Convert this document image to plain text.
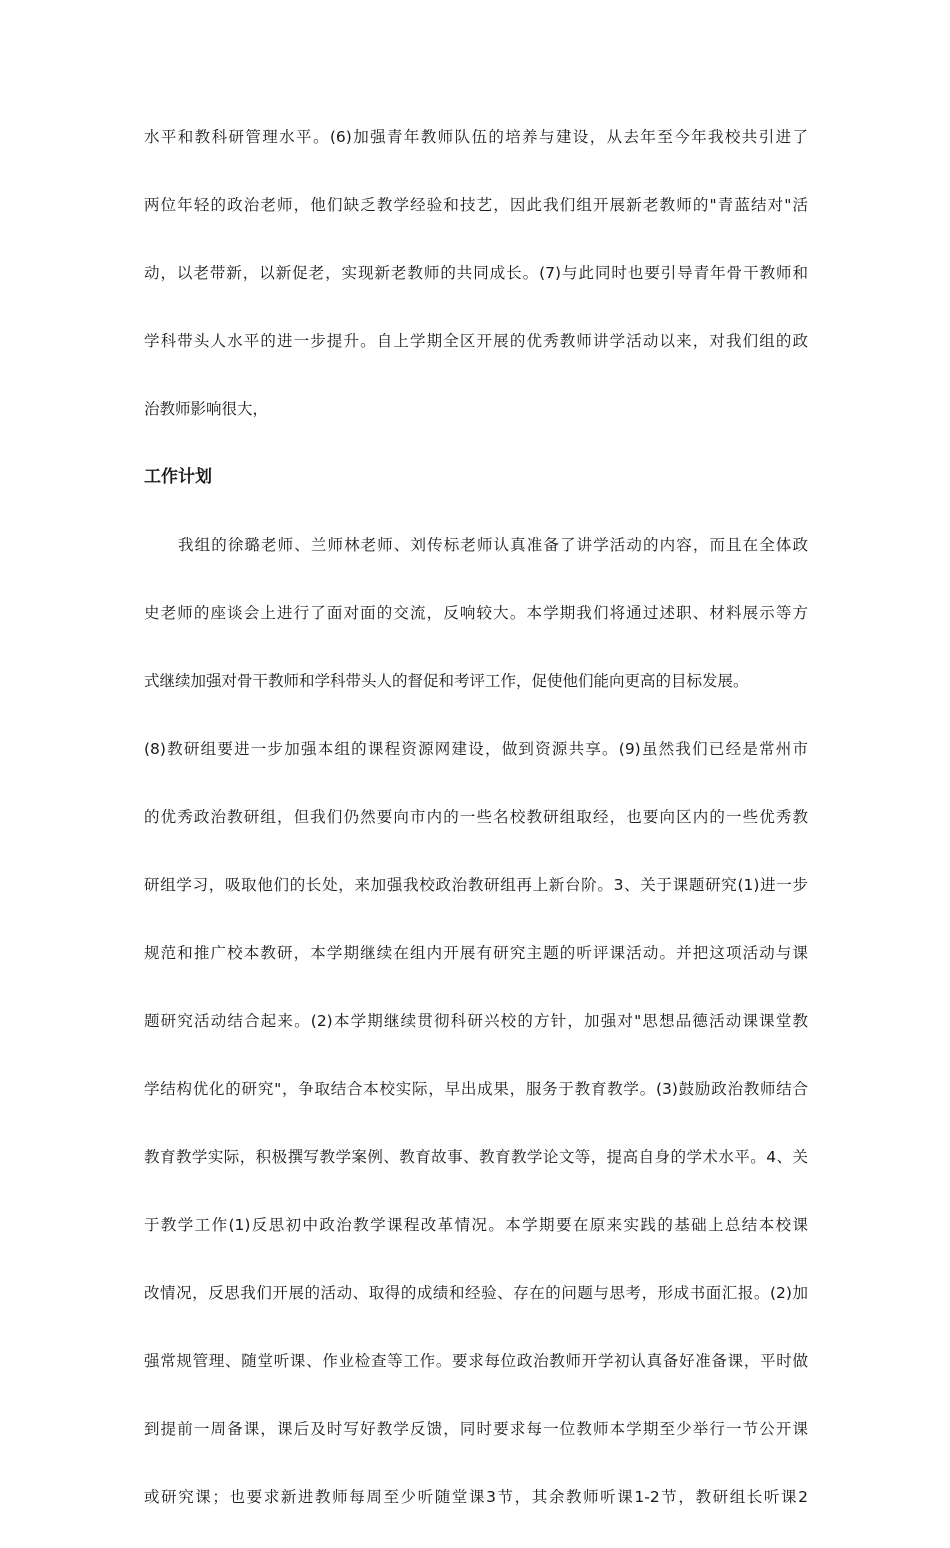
水平和教科研管理水平。(6)加强青年教师队伍的培养与建设，从去年至今年我校共引进了
两位年轻的政治老师，他们缺乏教学经验和技艺，因此我们组开展新老教师的"青蓝结对"活
动，以老带新，以新促老，实现新老教师的共同成长。(7)与此同时也要引导青年骨干教师和
学科带头人水平的进一步提升。自上学期全区开展的优秀教师讲学活动以来，对我们组的政
治教师影响很大，
工作计划
我组的徐璐老师、兰师林老师、刘传标老师认真准备了讲学活动的内容，而且在全体政
史老师的座谈会上进行了面对面的交流，反响较大。本学期我们将通过述职、材料展示等方
式继续加强对骨干教师和学科带头人的督促和考评工作，促使他们能向更高的目标发展。
(8)教研组要进一步加强本组的课程资源网建设，做到资源共享。(9)虽然我们已经是常州市
的优秀政治教研组，但我们仍然要向市内的一些名校教研组取经，也要向区内的一些优秀教
研组学习，吸取他们的长处，来加强我校政治教研组再上新台阶。3、关于课题研究(1)进一步
规范和推广校本教研，本学期继续在组内开展有研究主题的听评课活动。并把这项活动与课
题研究活动结合起来。(2)本学期继续贯彻科研兴校的方针，加强对"思想品德活动课课堂教
学结构优化的研究"，争取结合本校实际，早出成果，服务于教育教学。(3)鼓励政治教师结合
教育教学实际，积极撰写教学案例、教育故事、教育教学论文等，提高自身的学术水平。4、关
于教学工作(1)反思初中政治教学课程改革情况。本学期要在原来实践的基础上总结本校课
改情况，反思我们开展的活动、取得的成绩和经验、存在的问题与思考，形成书面汇报。(2)加
强常规管理、随堂听课、作业检查等工作。要求每位政治教师开学初认真备好准备课，平时做
到提前一周备课，课后及时写好教学反馈，同时要求每一位教师本学期至少举行一节公开课
或研究课；也要求新进教师每周至少听随堂课3节，其余教师听课1-2节，教研组长听课2
